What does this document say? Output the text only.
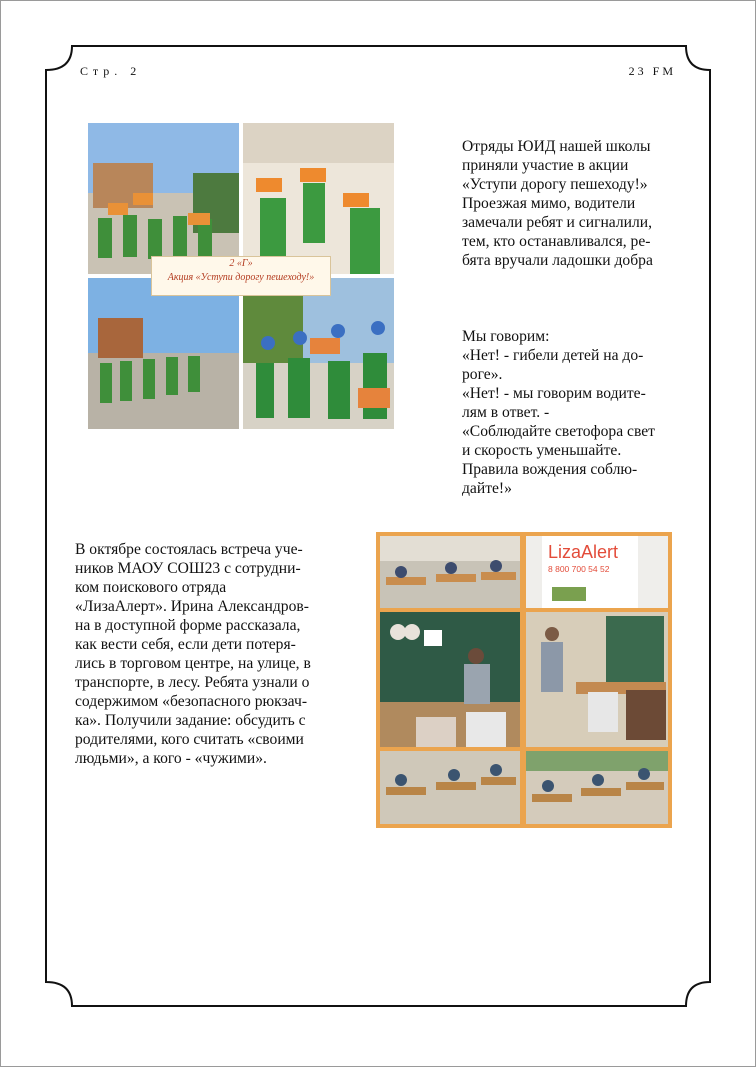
Стр. 2	23 FM
2 «Г»
Акция «Уступи дорогу пешеходу!»

Отряды ЮИД нашей школы
приняли участие в акции
«Уступи дорогу пешеходу!»
Проезжая мимо, водители
замечали ребят и сигналили,
тем, кто останавливался, ре-
бята вручали ладошки добра

Мы говорим:
«Нет! - гибели детей на до-
роге».
«Нет! - мы говорим водите-
лям в ответ. -
«Соблюдайте светофора свет
и скорость уменьшайте.
Правила вождения соблю-
дайте!»

В октябре состоялась встреча уче-
ников МАОУ СОШ23 с сотрудни-
ком поискового отряда
«ЛизаАлерт». Ирина Александров-
на в доступной форме рассказала,
как вести себя, если дети потеря-
лись в торговом центре, на улице, в
транспорте, в лесу. Ребята узнали о
содержимом «безопасного рюкзач-
ка». Получили задание: обсудить с
родителями, кого считать «своими
людьми», а кого - «чужими».
LizaAlert
8 800 700 54 52
